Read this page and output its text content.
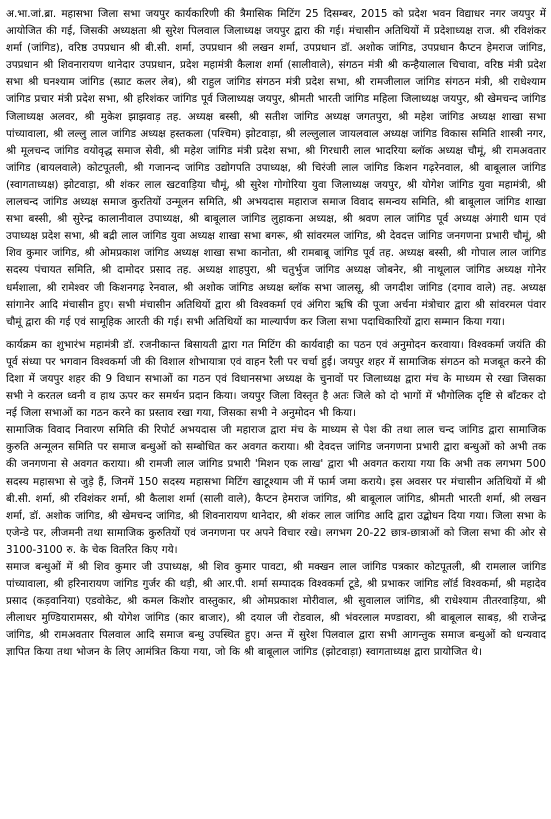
अ.भा.जां.ब्रा. महासभा जिला सभा जयपुर कार्यकारिणी की त्रैमासिक मिटिंग 25 दिसम्बर, 2015 को प्रदेश भवन विद्याधर नगर जयपुर में आयोजित की गई, जिसकी अध्यक्षता श्री सुरेश पिलवाल जिलाध्यक्ष जयपुर द्वारा की गई। मंचासीन अतिथियों में प्रदेशाध्यक्ष राज. श्री रविशंकर शर्मा (जांगिड), वरिष्ठ उपप्रधान श्री बी.सी. शर्मा, उपप्रधान श्री लखन शर्मा, उपप्रधान डॉ. अशोक जांगिड, उपप्रधान कैप्टन हेमराज जांगिड, उपप्रधान श्री शिवनारायण थानेदार उपप्रधान, प्रदेश महामंत्री कैलाश शर्मा (सालीवाले), संगठन मंत्री श्री कन्हैयालाल चिचावा, वरिष्ठ मंत्री प्रदेश सभा श्री घनश्याम जांगिड (स्प्राट कलर लेब), श्री राहुल जांगिड संगठन मंत्री प्रदेश सभा, श्री रामजीलाल जांगिड संगठन मंत्री, श्री राधेश्याम जांगिड प्रचार मंत्री प्रदेश सभा, श्री हरिशंकर जांगिड पूर्व जिलाध्यक्ष जयपुर, श्रीमती भारती जांगिड महिला जिलाध्यक्ष जयपुर, श्री खेमचन्द जांगिड जिलाध्यक्ष अलवर, श्री मुकेश झाझवाड़ तह. अध्यक्ष बस्सी, श्री सतीश जांगिड अध्यक्ष जगतपुरा, श्री महेश जांगिड अध्यक्ष शाखा सभा पांच्यावाला, श्री लल्लु लाल जांगिड अध्यक्ष हस्तकला (पश्चिम) झोटवाड़ा, श्री लल्लुलाल जायलवाल अध्यक्ष जांगिड विकास समिति शास्त्री नगर, श्री मूलचन्द जांगिड वयोवृद्ध समाज सेवी, श्री महेश जांगिड मंत्री प्रदेश सभा, श्री गिरधारी लाल भादरिया ब्लॉक अध्यक्ष चौमूं, श्री रामअवतार जांगिड (बायलवाले) कोटपूतली, श्री गजानन्द जांगिड उद्योगपति उपाध्यक्ष, श्री चिरंजी लाल जांगिड किशन गढ़रेनवाल, श्री बाबूलाल जांगिड (स्वागताध्यक्ष) झोटवाड़ा, श्री शंकर लाल खटवाड़िया चौमूं, श्री सुरेश गोगोरिया युवा जिलाध्यक्ष जयपुर, श्री योगेश जांगिड युवा महामंत्री, श्री लालचन्द जांगिड अध्यक्ष समाज कुरतियों उन्मूलन समिति, श्री अभयदास महाराज समाज विवाद समन्वय समिति, श्री बाबूलाल जांगिड शाखा सभा बस्सी, श्री सुरेन्द्र कालानीवाल उपाध्यक्ष, श्री बाबूलाल जांगिड लुहाकना अध्यक्ष, श्री श्रवण लाल जांगिड पूर्व अध्यक्ष अंगारी धाम एवं उपाध्यक्ष प्रदेश सभा, श्री बद्री लाल जांगिड युवा अध्यक्ष शाखा सभा बगरू, श्री सांवरमल जांगिड, श्री देवदत्त जांगिड जनगणना प्रभारी चौमूं, श्री शिव कुमार जांगिड, श्री ओमप्रकाश जांगिड अध्यक्ष शाखा सभा कानोता, श्री रामबाबू जांगिड पूर्व तह. अध्यक्ष बस्सी, श्री गोपाल लाल जांगिड सदस्य पंचायत समिति, श्री दामोदर प्रसाद तह. अध्यक्ष शाहपुरा, श्री चतुर्भुज जांगिड अध्यक्ष जोबनेर, श्री नाथूलाल जांगिड अध्यक्ष गोनेर धर्मशाला, श्री रामेश्वर जी किशनगढ़ रेनवाल, श्री अशोक जांगिड अध्यक्ष ब्लॉक सभा जालसू, श्री जगदीश जांगिड (दगाव वाले) तह. अध्यक्ष सांगानेर आदि मंचासीन हुए। सभी मंचासीन अतिथियों द्वारा श्री विश्वकर्मा एवं अंगिरा ऋषि की पूजा अर्चना मंत्रोचार द्वारा श्री सांवरमल पंवार चौमूं द्वारा की गई एवं सामूहिक आरती की गई। सभी अतिथियों का माल्यार्पण कर जिला सभा पदाधिकारियों द्वारा सम्मान किया गया।

कार्यक्रम का शुभारंभ महामंत्री डॉ. रजनीकान्त बिसायती द्वारा गत मिटिंग की कार्यवाही का पठन एवं अनुमोदन करवाया। विश्वकर्मा जयंति की पूर्व संध्या पर भगवान विश्वकर्मा जी की विशाल शोभायात्रा एवं वाहन रैली पर चर्चा हुई। जयपुर शहर में सामाजिक संगठन को मजबूत करने की दिशा में जयपुर शहर की 9 विधान सभाओं का गठन एवं विधानसभा अध्यक्ष के चुनावों पर जिलाध्यक्ष द्वारा मंच के माध्यम से रखा जिसका सभी ने करतल ध्वनी व हाथ ऊपर कर समर्थन प्रदान किया। जयपुर जिला विस्तृत है अतः जिले को दो भागों में भौगोलिक दृष्टि से बाँटकर दो नई जिला सभाओं का गठन करने का प्रस्ताव रखा गया, जिसका सभी ने अनुमोदन भी किया।

सामाजिक विवाद निवारण समिति की रिपोर्ट अभयदास जी महाराज द्वारा मंच के माध्यम से पेश की तथा लाल चन्द जांगिड द्वारा सामाजिक कुरुति अन्मूलन समिति पर समाज बन्धुओं को सम्बोधित कर अवगत कराया। श्री देवदत्त जांगिड जनगणना प्रभारी द्वारा बन्धुओं को अभी तक की जनगणना से अवगत कराया। श्री रामजी लाल जांगिड प्रभारी 'मिशन एक लाख' द्वारा भी अवगत कराया गया कि अभी तक लगभग 500 सदस्य महासभा से जुड़े हैं, जिनमें 150 सदस्य महासभा मिटिंग खाटूश्याम जी में फार्म जमा कराये। इस अवसर पर मंचासीन अतिथियों में श्री बी.सी. शर्मा, श्री रविशंकर शर्मा, श्री कैलाश शर्मा (साली वाले), कैप्टन हेमराज जांगिड, श्री बाबूलाल जांगिड, श्रीमती भारती शर्मा, श्री लखन शर्मा, डॉ. अशोक जांगिड, श्री खेमचन्द जांगिड, श्री शिवनारायण थानेदार, श्री शंकर लाल जांगिड आदि द्वारा उद्बोधन दिया गया। जिला सभा के एजेन्डे पर, लीजमनी तथा सामाजिक कुरुतियों एवं जनगणना पर अपने विचार रखे। लगभग 20-22 छात्र-छात्राओं को जिला सभा की ओर से 3100-3100 रु. के चेक वितरित किए गये।

समाज बन्धुओं में श्री शिव कुमार जी उपाध्यक्ष, श्री शिव कुमार पावटा, श्री मक्खन लाल जांगिड पत्रकार कोटपूतली, श्री रामलाल जांगिड पांच्यावाला, श्री हरिनारायण जांगिड गुर्जर की थड़ी, श्री आर.पी. शर्मा सम्पादक विश्वकर्मा टूडे, श्री प्रभाकर जांगिड लॉर्ड विश्वकर्मा, श्री महादेव प्रसाद (कड़वानिया) एडवोकेट, श्री कमल किशोर वास्तुकार, श्री ओमप्रकाश मोरीवाल, श्री सुवालाल जांगिड, श्री राधेश्याम तीतरवाड़िया, श्री लीलाधर मुण्डियारामसर, श्री योगेश जांगिड (कार बाजार), श्री दयाल जी रोडवाल, श्री भंवरलाल मण्डावरा, श्री बाबूलाल साबड़, श्री राजेन्द्र जांगिड, श्री रामअवतार पिलवाल आदि समाज बन्धु उपस्थित हुए। अन्त में सुरेश पिलवाल द्वारा सभी आगन्तुक समाज बन्धुओं को धन्यवाद ज्ञापित किया तथा भोजन के लिए आमंत्रित किया गया, जो कि श्री बाबूलाल जांगिड (झोटवाड़ा) स्वागताध्यक्ष द्वारा प्रायोजित थे।
